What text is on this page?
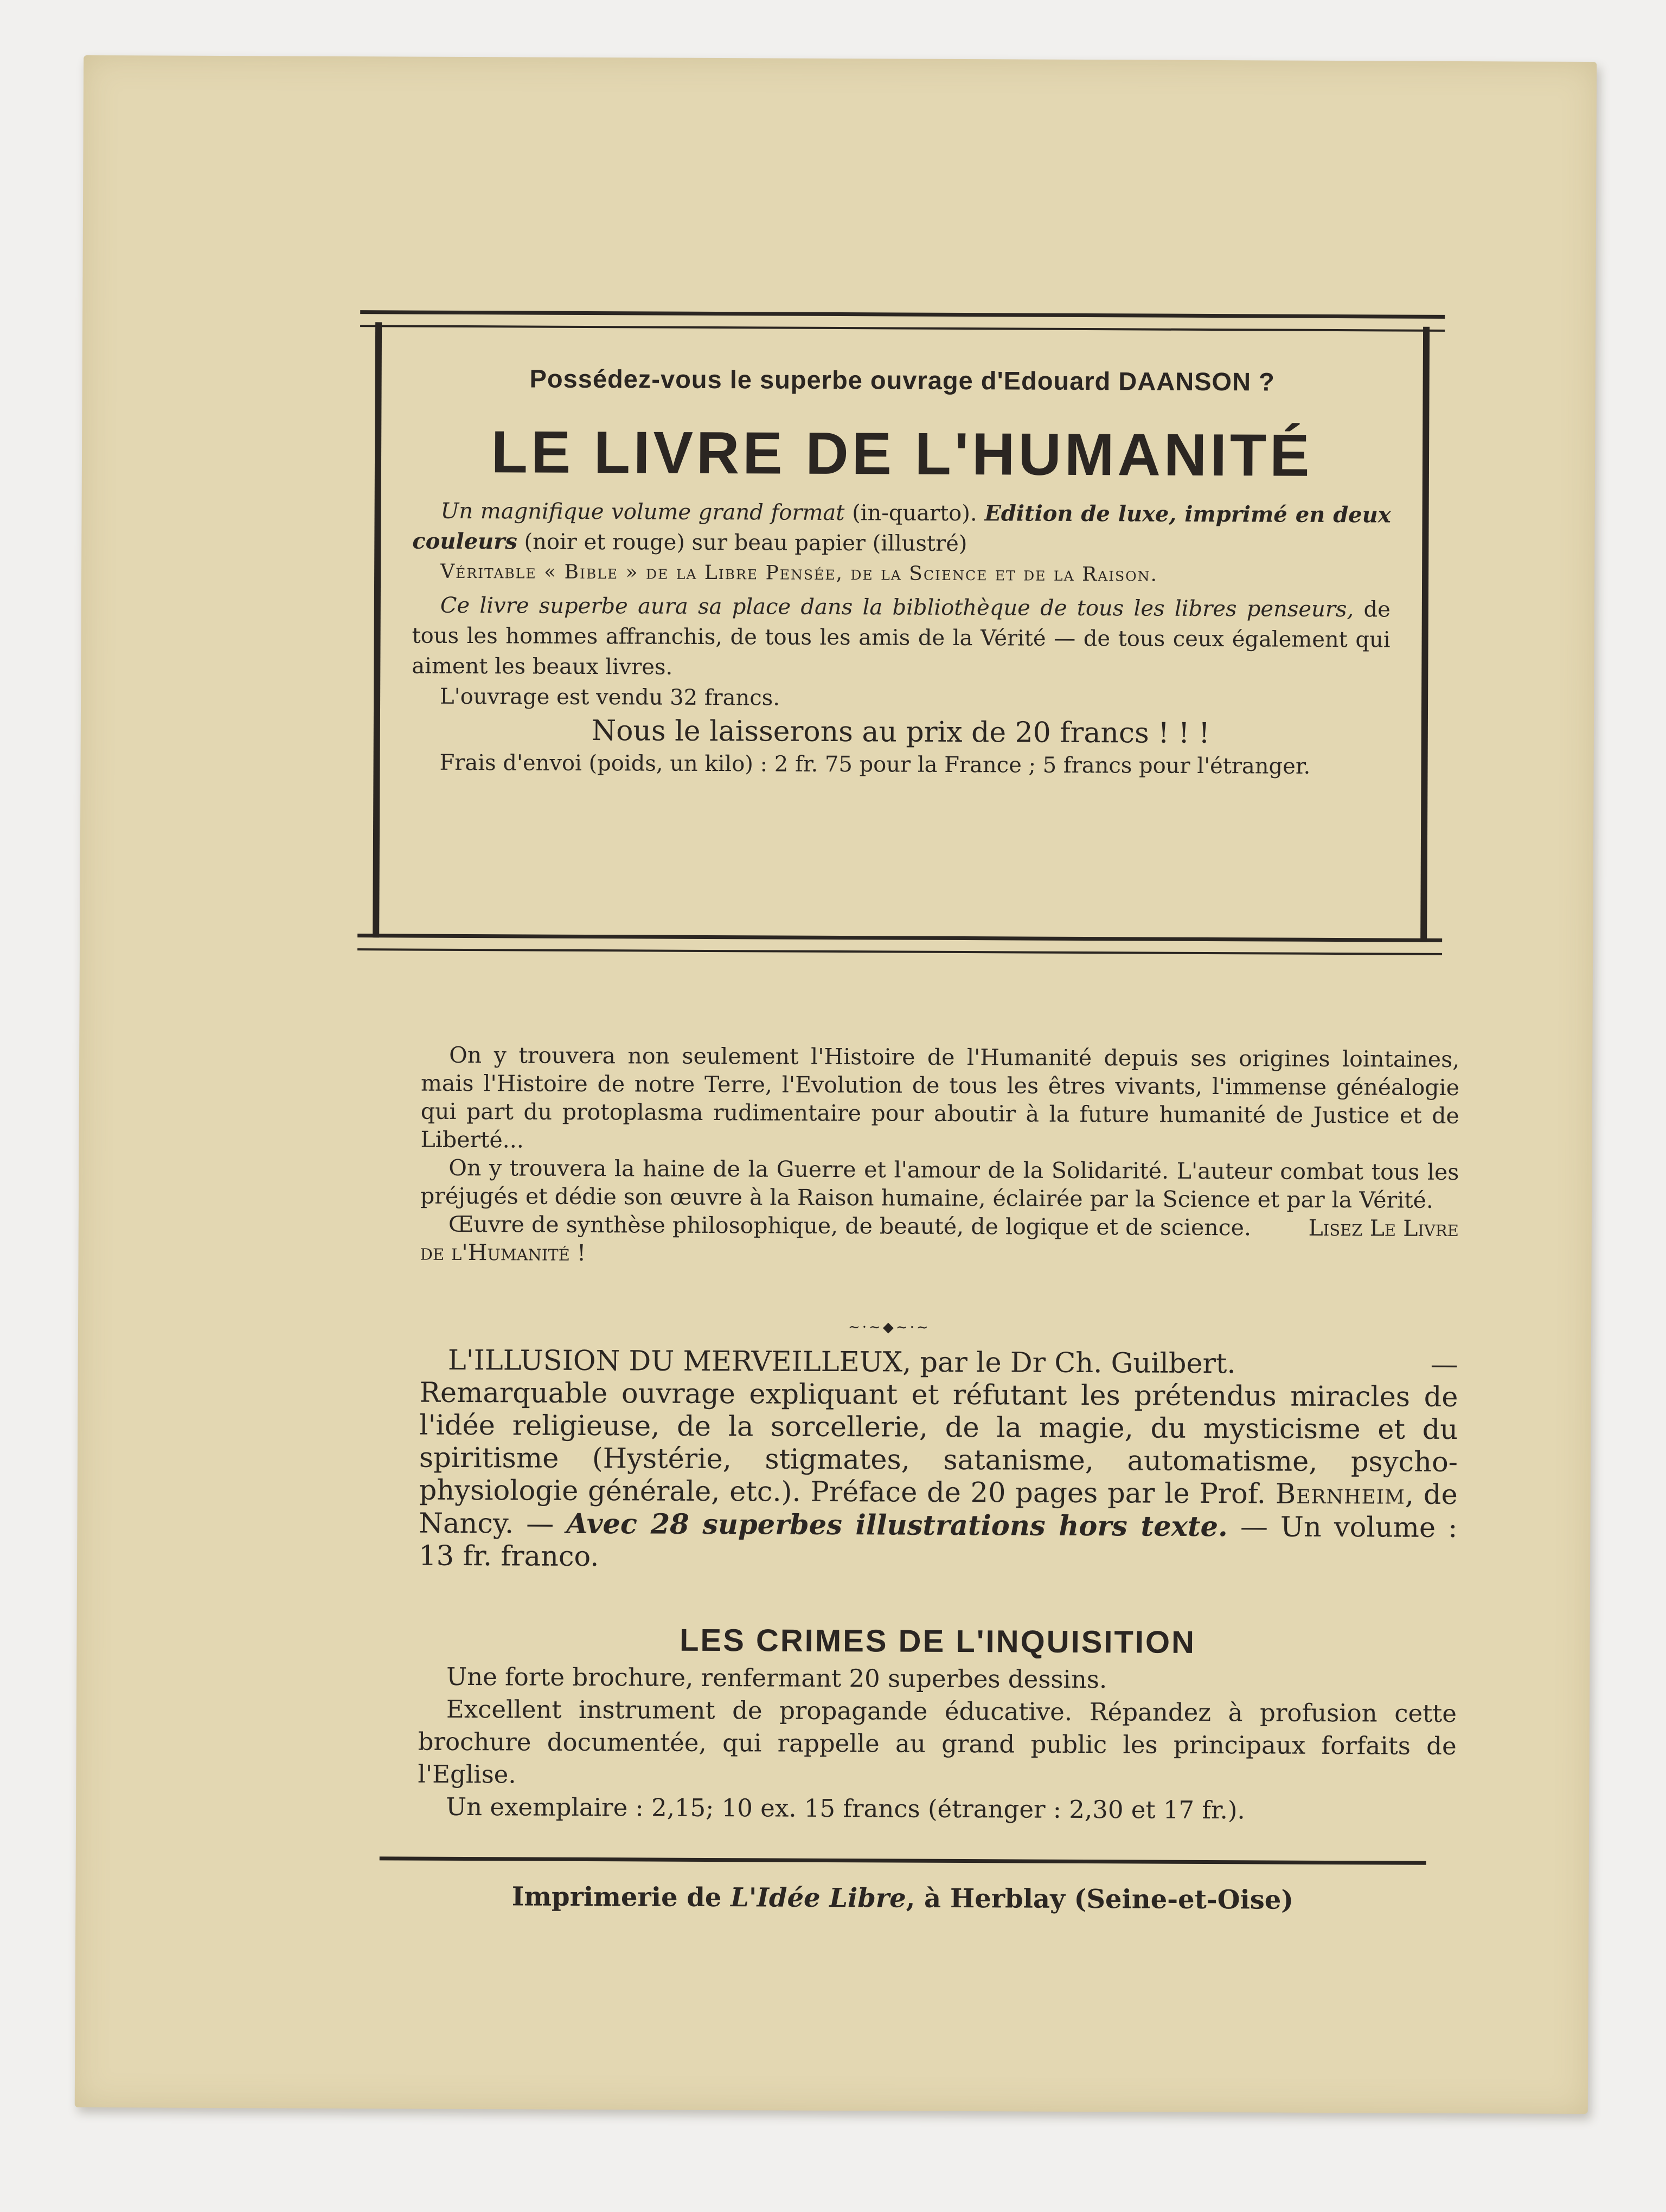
Possédez-vous le superbe ouvrage d'Edouard DAANSON ?
LE LIVRE DE L'HUMANITÉ

Un magnifique volume grand format (in-quarto). Edition de luxe, imprimé en deux couleurs (noir et rouge) sur beau papier (illustré)

Véritable « Bible » de la Libre Pensée, de la Science et de la Raison.

Ce livre superbe aura sa place dans la bibliothèque de tous les libres penseurs, de tous les hommes affranchis, de tous les amis de la Vérité — de tous ceux également qui aiment les beaux livres.

L'ouvrage est vendu 32 francs.

Nous le laisserons au prix de 20 francs ! ! !

Frais d'envoi (poids, un kilo) : 2 fr. 75 pour la France ; 5 francs pour l'étranger.

On y trouvera non seulement l'Histoire de l'Humanité depuis ses origines lointaines, mais l'Histoire de notre Terre, l'Evolution de tous les êtres vivants, l'immense généalogie qui part du protoplasma rudimentaire pour aboutir à la future humanité de Justice et de Liberté...

On y trouvera la haine de la Guerre et l'amour de la Solidarité. L'auteur combat tous les préjugés et dédie son œuvre à la Raison humaine, éclairée par la Science et par la Vérité.

Œuvre de synthèse philosophique, de beauté, de logique et de science.	Lisez Le Livre de l'Humanité !

~·~◆~·~

L'ILLUSION DU MERVEILLEUX, par le Dr Ch. Guilbert. — Remarquable ouvrage expliquant et réfutant les prétendus miracles de l'idée religieuse, de la sorcellerie, de la magie, du mysticisme et du spiritisme (Hystérie, stigmates, satanisme, automatisme, psycho-physiologie générale, etc.). Préface de 20 pages par le Prof. Bernheim, de Nancy. — Avec 28 superbes illustrations hors texte. — Un volume : 13 fr. franco.

LES CRIMES DE L'INQUISITION

Une forte brochure, renfermant 20 superbes dessins.

Excellent instrument de propagande éducative. Répandez à profusion cette brochure documentée, qui rappelle au grand public les principaux forfaits de l'Eglise.

Un exemplaire : 2,15; 10 ex. 15 francs (étranger : 2,30 et 17 fr.).

Imprimerie de L'Idée Libre, à Herblay (Seine-et-Oise)
